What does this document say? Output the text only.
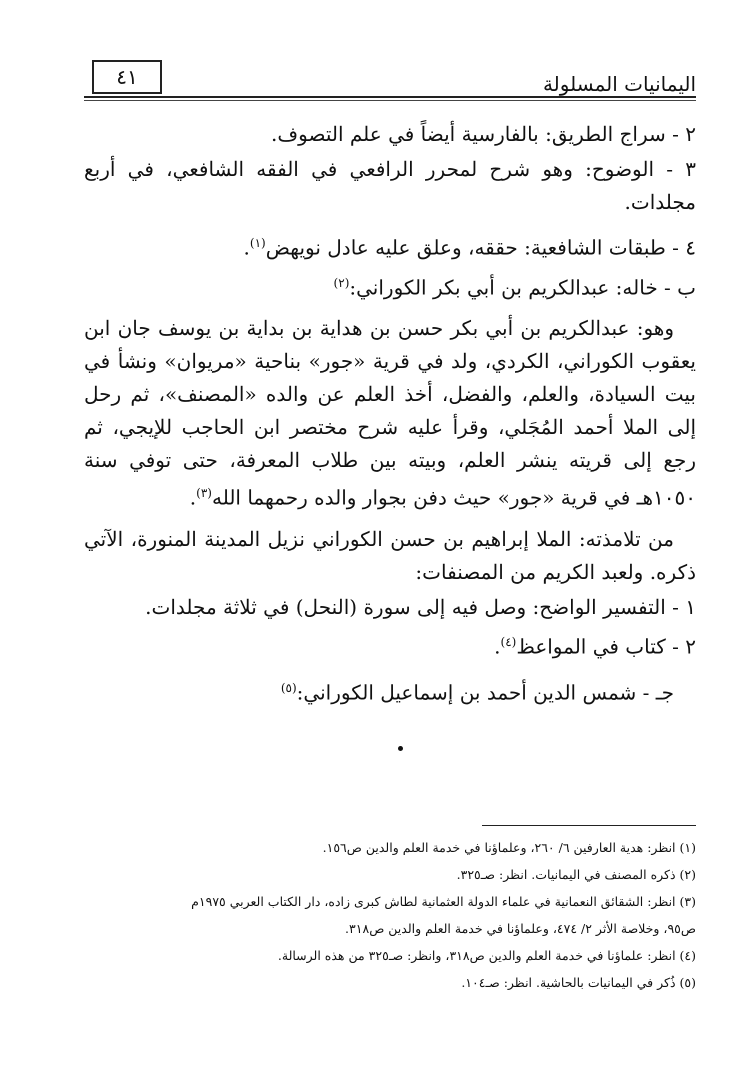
٤١	اليمانيات المسلولة

٢ - سراج الطريق: بالفارسية أيضاً في علم التصوف.

٣ - الوضوح: وهو شرح لمحرر الرافعي في الفقه الشافعي، في أربع مجلدات.

٤ - طبقات الشافعية: حققه، وعلق عليه عادل نويهض$^{(١)}$.

ب - خاله: عبدالكريم بن أبي بكر الكوراني:$^{(٢)}$

وهو: عبدالكريم بن أبي بكر حسن بن هداية بن بداية بن يوسف جان ابن يعقوب الكوراني، الكردي، ولد في قرية «جور» بناحية «مريوان» ونشأ في بيت السيادة، والعلم، والفضل، أخذ العلم عن والده «المصنف»، ثم رحل إلى الملا أحمد المُجَلي، وقرأ عليه شرح مختصر ابن الحاجب للإيجي، ثم رجع إلى قريته ينشر العلم، وبيته بين طلاب المعرفة، حتى توفي سنة ١٠٥٠هـ في قرية «جور» حيث دفن بجوار والده رحمهما الله$^{(٣)}$.

من تلامذته: الملا إبراهيم بن حسن الكوراني نزيل المدينة المنورة، الآتي ذكره. ولعبد الكريم من المصنفات:

١ - التفسير الواضح: وصل فيه إلى سورة (النحل) في ثلاثة مجلدات.

٢ - كتاب في المواعظ$^{(٤)}$.

جـ - شمس الدين أحمد بن إسماعيل الكوراني:$^{(٥)}$

(١) انظر: هدية العارفين ٦/ ٢٦٠، وعلماؤنا في خدمة العلم والدين ص١٥٦.

(٢) ذكره المصنف في اليمانيات. انظر: صـ٣٢٥.

(٣) انظر: الشقائق النعمانية في علماء الدولة العثمانية لطاش كبرى زاده، دار الكتاب العربي ١٩٧٥م

ص٩٥، وخلاصة الأثر ٢/ ٤٧٤، وعلماؤنا في خدمة العلم والدين ص٣١٨.

(٤) انظر: علماؤنا في خدمة العلم والدين ص٣١٨، وانظر: صـ٣٢٥ من هذه الرسالة.

(٥) ذُكر في اليمانيات بالحاشية. انظر: صـ١٠٤.
